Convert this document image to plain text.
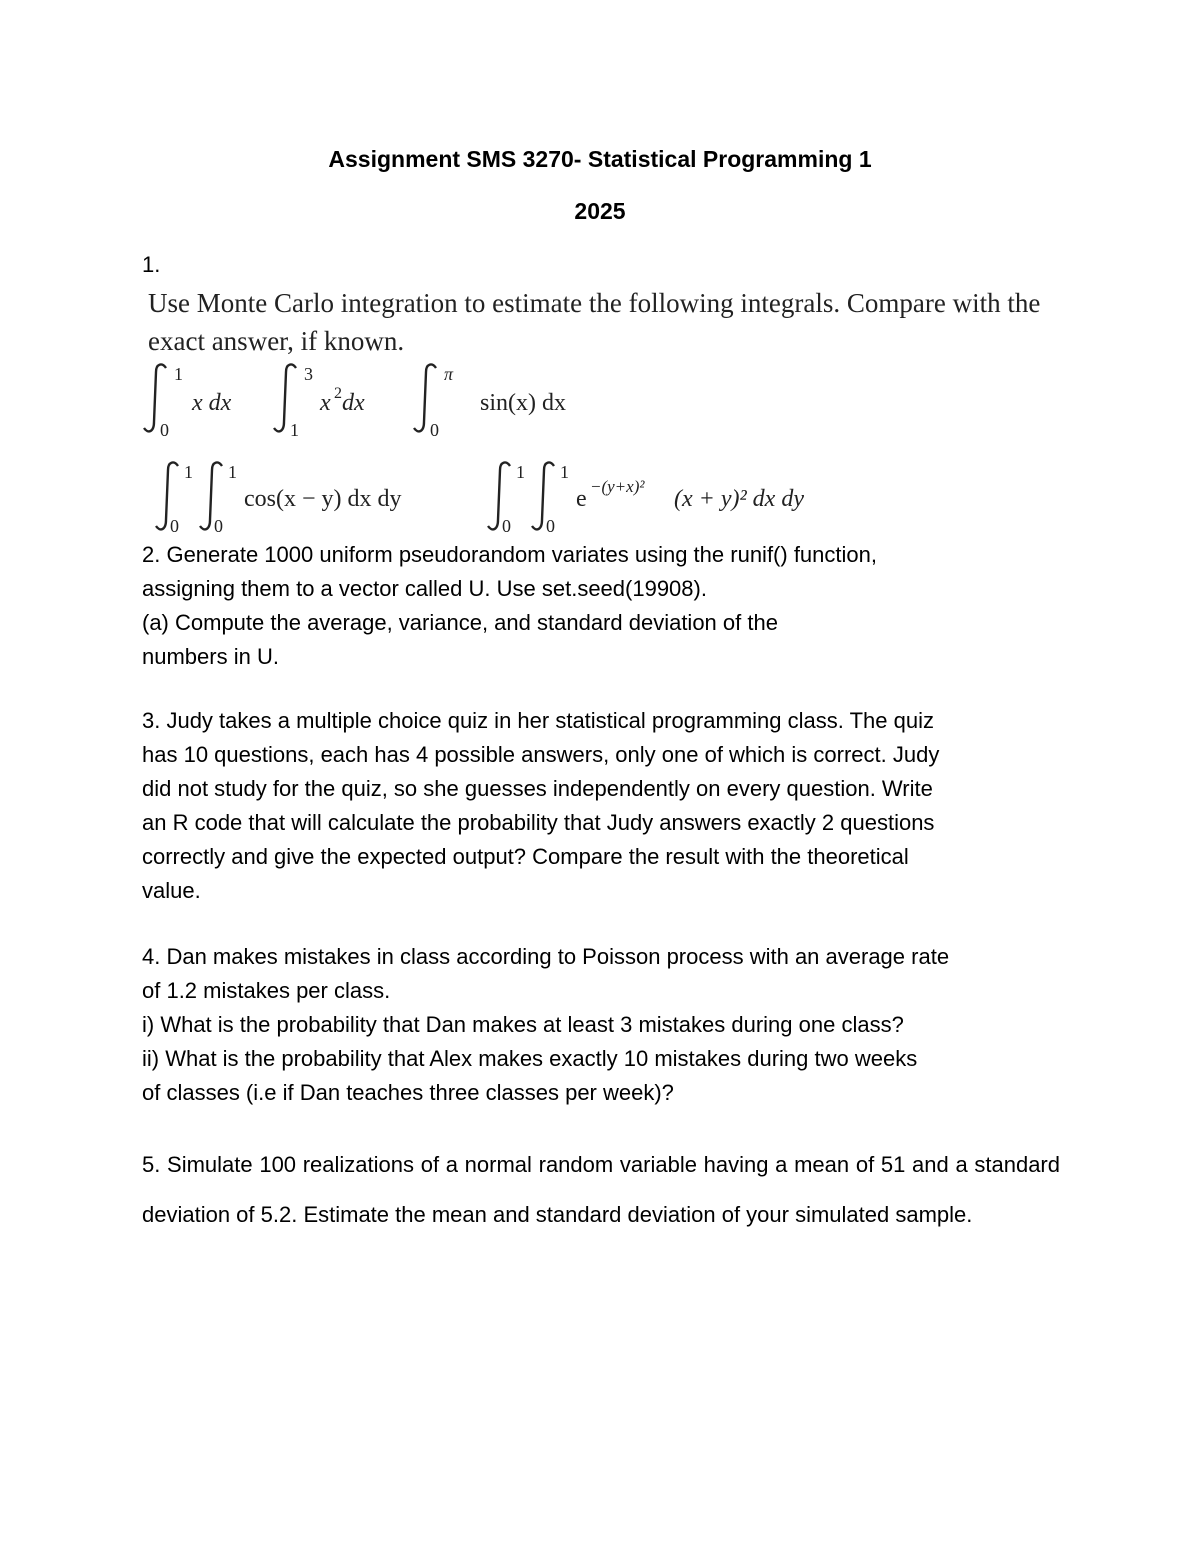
Assignment SMS 3270- Statistical Programming 1
2025
1.
Use Monte Carlo integration to estimate the following integrals. Compare with the exact answer, if known.
1
0
x dx
3
1
x 2 dx
π
0
sin(x) dx
1
0
1
0
cos(x − y) dx dy
1
0
1
0
e −(y+x)² (x + y)² dx dy

2. Generate 1000 uniform pseudorandom variates using the runif() function,

assigning them to a vector called U. Use set.seed(19908).

(a) Compute the average, variance, and standard deviation of the

numbers in U.

3. Judy takes a multiple choice quiz in her statistical programming class. The quiz

has 10 questions, each has 4 possible answers, only one of which is correct. Judy

did not study for the quiz, so she guesses independently on every question. Write

an R code that will calculate the probability that Judy answers exactly 2 questions

correctly and give the expected output? Compare the result with the theoretical

value.

4. Dan makes mistakes in class according to Poisson process with an average rate

of 1.2 mistakes per class.

i) What is the probability that Dan makes at least 3 mistakes during one class?

ii) What is the probability that Alex makes exactly 10 mistakes during two weeks

of classes (i.e if Dan teaches three classes per week)?

5. Simulate 100 realizations of a normal random variable having a mean of 51 and a standard deviation of 5.2. Estimate the mean and standard deviation of your simulated sample.
